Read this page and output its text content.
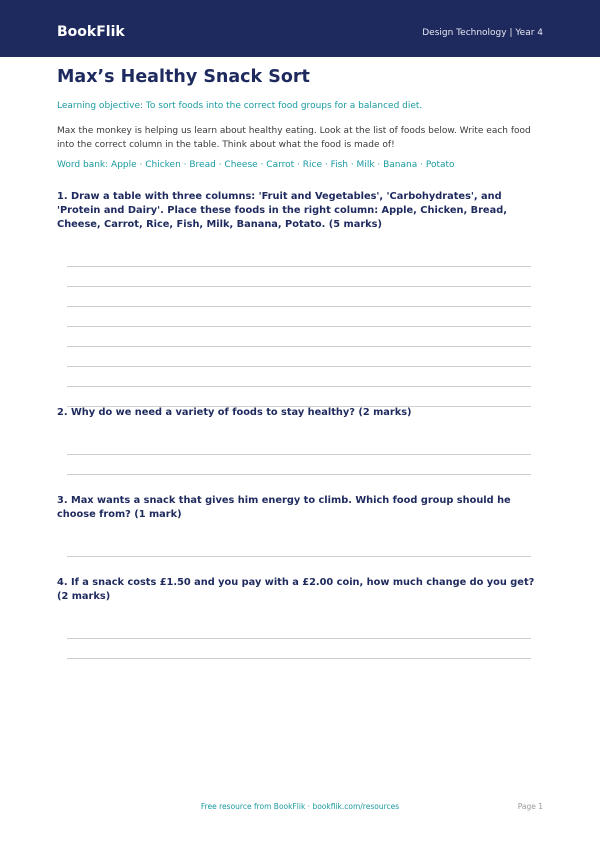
BookFlik	Design Technology | Year 4
Max’s Healthy Snack Sort
Learning objective: To sort foods into the correct food groups for a balanced diet.
Max the monkey is helping us learn about healthy eating. Look at the list of foods below. Write each food into the correct column in the table. Think about what the food is made of!
Word bank: Apple · Chicken · Bread · Cheese · Carrot · Rice · Fish · Milk · Banana · Potato
1. Draw a table with three columns: 'Fruit and Vegetables', 'Carbohydrates', and 'Protein and Dairy'. Place these foods in the right column: Apple, Chicken, Bread, Cheese, Carrot, Rice, Fish, Milk, Banana, Potato. (5 marks)
2. Why do we need a variety of foods to stay healthy? (2 marks)
3. Max wants a snack that gives him energy to climb. Which food group should he choose from? (1 mark)
4. If a snack costs £1.50 and you pay with a £2.00 coin, how much change do you get? (2 marks)
Free resource from BookFlik · bookflik.com/resources	Page 1
